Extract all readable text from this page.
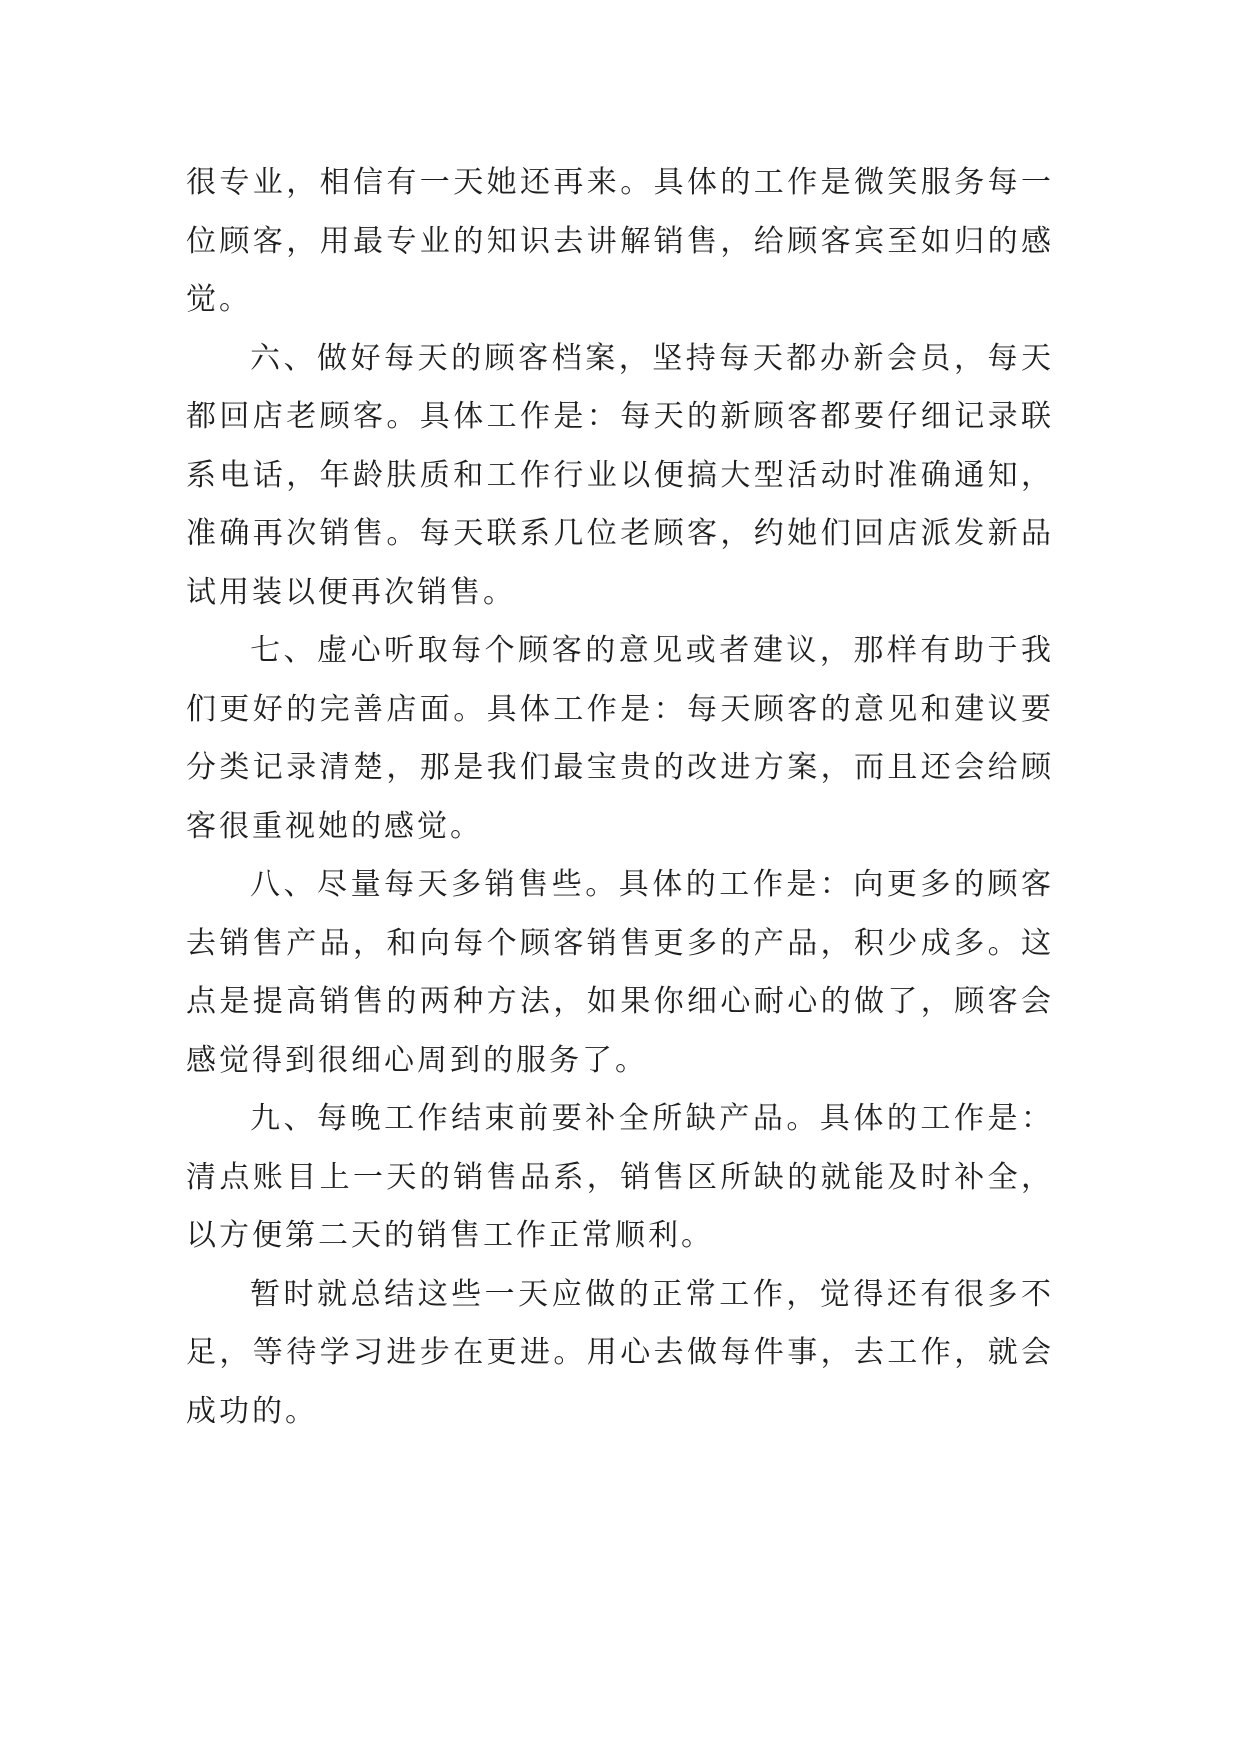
很专业，相信有一天她还再来。具体的工作是微笑服务每一位顾客，用最专业的知识去讲解销售，给顾客宾至如归的感觉。

六、做好每天的顾客档案，坚持每天都办新会员，每天都回店老顾客。具体工作是：每天的新顾客都要仔细记录联系电话，年龄肤质和工作行业以便搞大型活动时准确通知，准确再次销售。每天联系几位老顾客，约她们回店派发新品试用装以便再次销售。

七、虚心听取每个顾客的意见或者建议，那样有助于我们更好的完善店面。具体工作是：每天顾客的意见和建议要分类记录清楚，那是我们最宝贵的改进方案，而且还会给顾客很重视她的感觉。

八、尽量每天多销售些。具体的工作是：向更多的顾客去销售产品，和向每个顾客销售更多的产品，积少成多。这点是提高销售的两种方法，如果你细心耐心的做了，顾客会感觉得到很细心周到的服务了。

九、每晚工作结束前要补全所缺产品。具体的工作是：清点账目上一天的销售品系，销售区所缺的就能及时补全，以方便第二天的销售工作正常顺利。

暂时就总结这些一天应做的正常工作，觉得还有很多不足，等待学习进步在更进。用心去做每件事，去工作，就会成功的。
